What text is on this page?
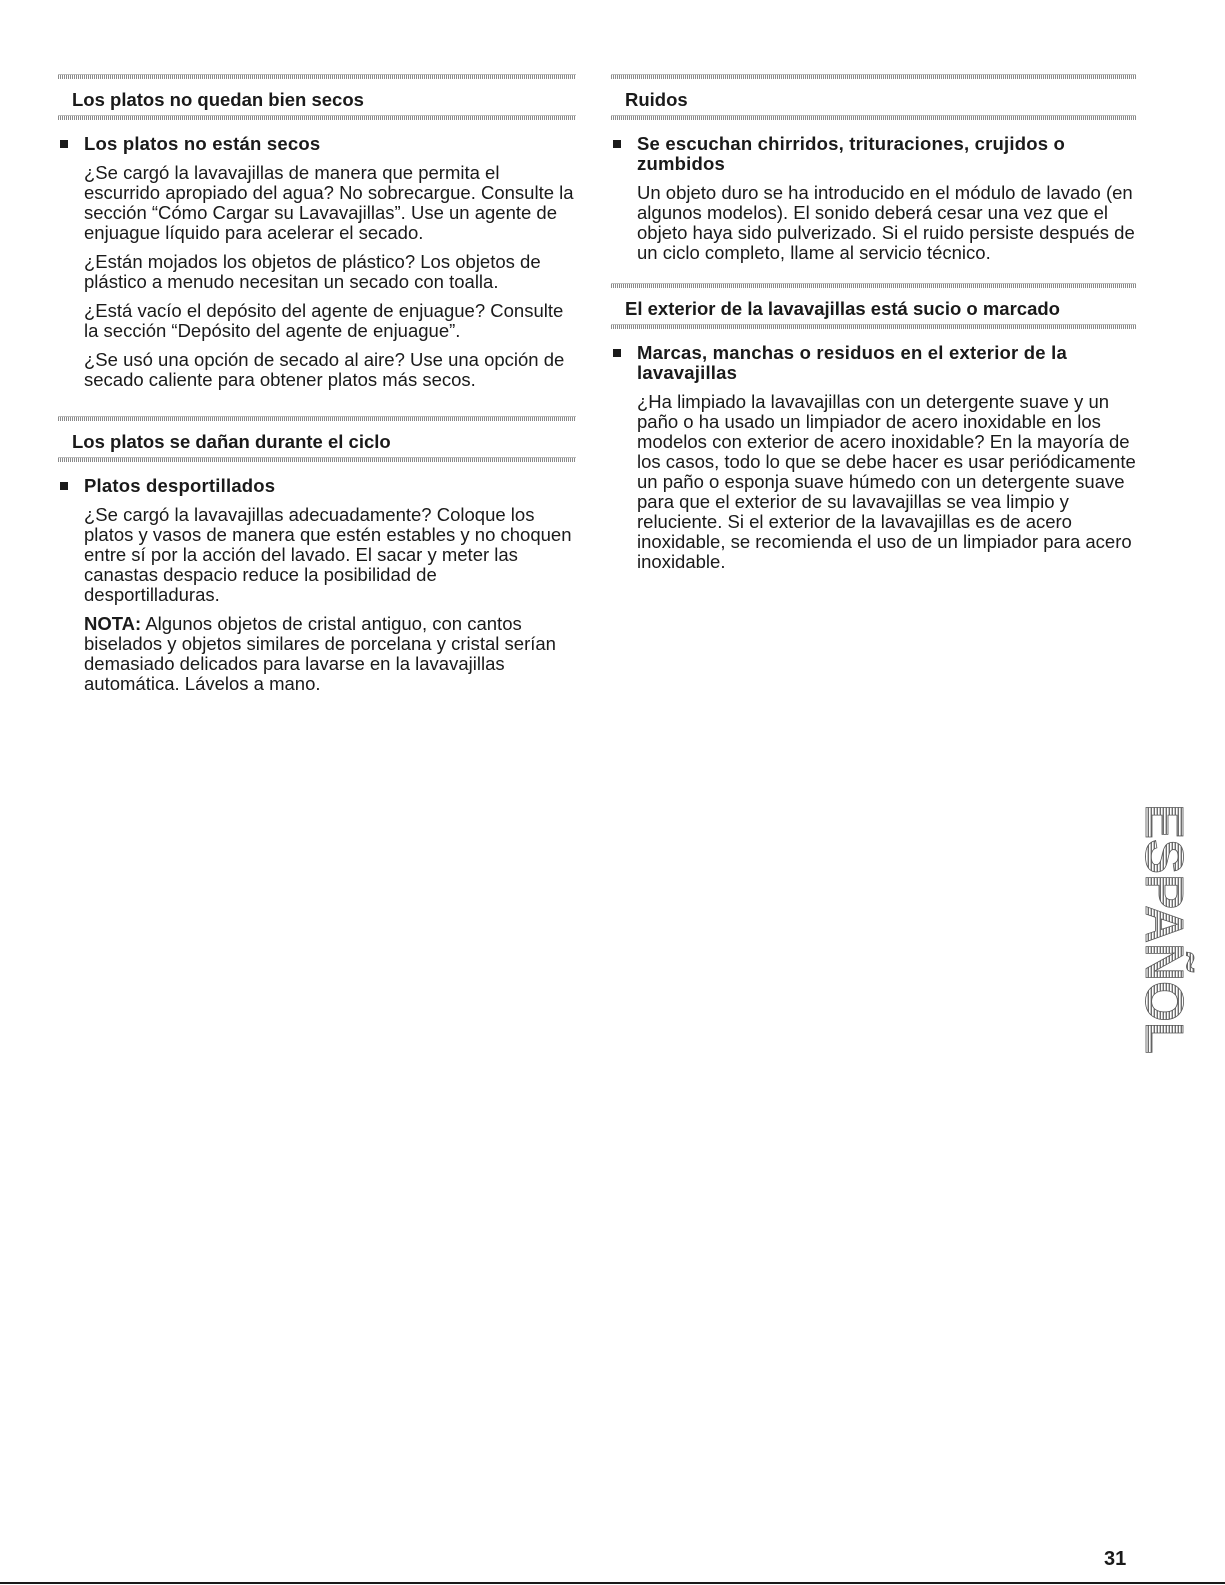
Los platos no quedan bien secos
Los platos no están secos

¿Se cargó la lavavajillas de manera que permita el escurrido apropiado del agua? No sobrecargue. Consulte la sección “Cómo Cargar su Lavavajillas”. Use un agente de enjuague líquido para acelerar el secado.

¿Están mojados los objetos de plástico? Los objetos de plástico a menudo necesitan un secado con toalla.

¿Está vacío el depósito del agente de enjuague? Consulte la sección “Depósito del agente de enjuague”.

¿Se usó una opción de secado al aire? Use una opción de secado caliente para obtener platos más secos.

Los platos se dañan durante el ciclo
Platos desportillados

¿Se cargó la lavavajillas adecuadamente? Coloque los platos y vasos de manera que estén estables y no choquen entre sí por la acción del lavado. El sacar y meter las canastas despacio reduce la posibilidad de desportilladuras.

NOTA: Algunos objetos de cristal antiguo, con cantos biselados y objetos similares de porcelana y cristal serían demasiado delicados para lavarse en la lavavajillas automática. Lávelos a mano.

Ruidos
Se escuchan chirridos, trituraciones, crujidos o zumbidos

Un objeto duro se ha introducido en el módulo de lavado (en algunos modelos). El sonido deberá cesar una vez que el objeto haya sido pulverizado. Si el ruido persiste después de un ciclo completo, llame al servicio técnico.

El exterior de la lavavajillas está sucio o marcado
Marcas, manchas o residuos en el exterior de la lavavajillas

¿Ha limpiado la lavavajillas con un detergente suave y un paño o ha usado un limpiador de acero inoxidable en los modelos con exterior de acero inoxidable? En la mayoría de los casos, todo lo que se debe hacer es usar periódicamente un paño o esponja suave húmedo con un detergente suave para que el exterior de su lavavajillas se vea limpio y reluciente. Si el exterior de la lavavajillas es de acero inoxidable, se recomienda el uso de un limpiador para acero inoxidable.

ESPAÑOL
31
